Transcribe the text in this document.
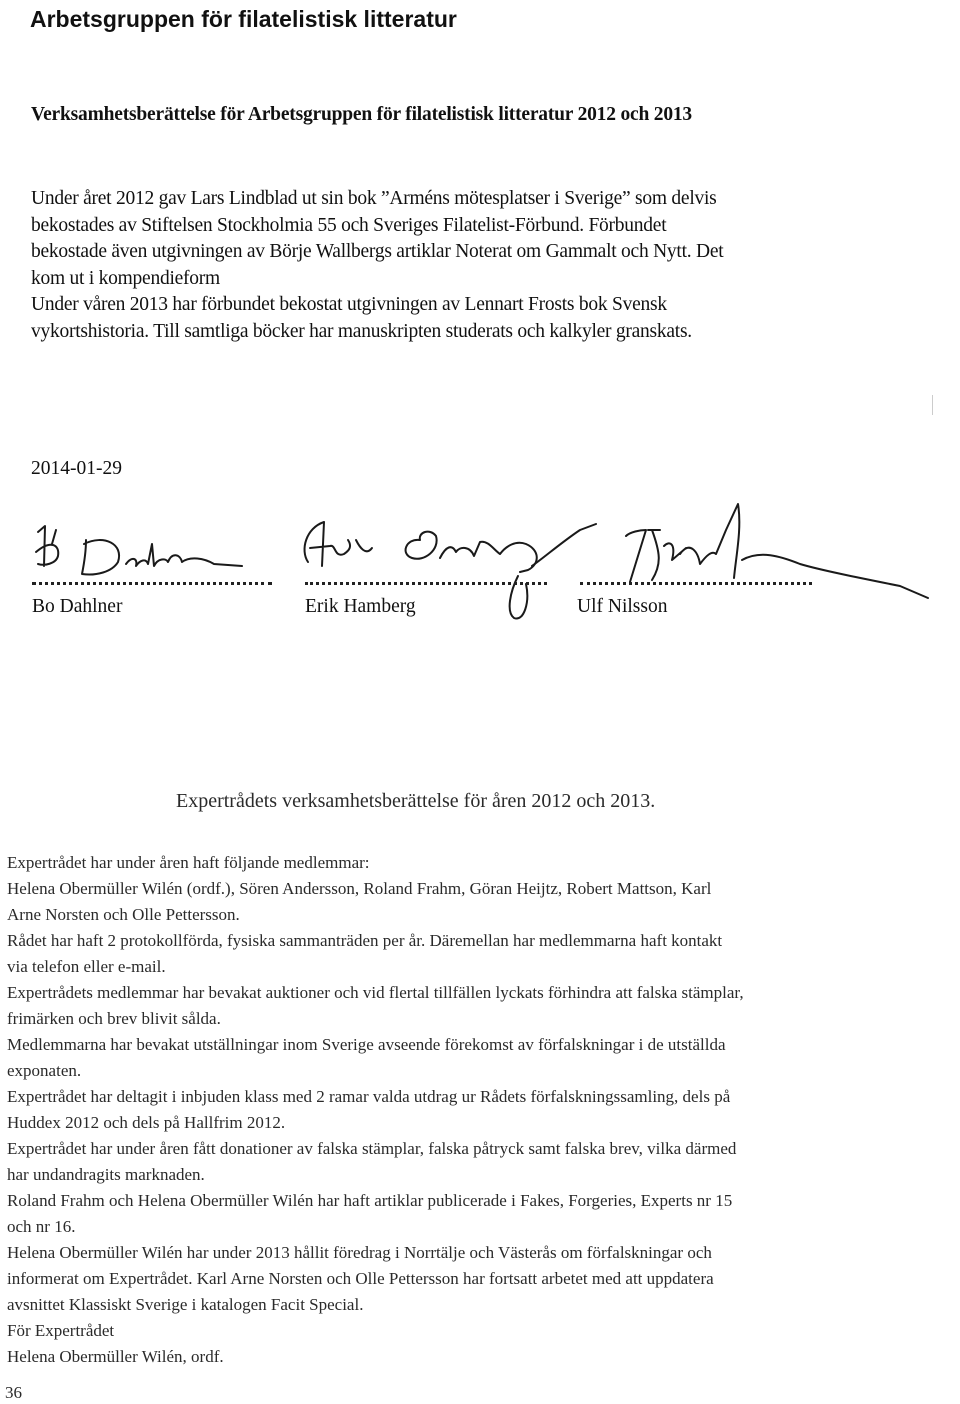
Arbetsgruppen för filatelistisk litteratur
Verksamhetsberättelse för Arbetsgruppen för filatelistisk litteratur 2012 och 2013
Under året 2012 gav Lars Lindblad ut sin bok ”Arméns mötesplatser i Sverige” som delvis
bekostades av Stiftelsen Stockholmia 55 och Sveriges Filatelist-Förbund. Förbundet
bekostade även utgivningen av Börje Wallbergs artiklar Noterat om Gammalt och Nytt. Det
kom ut i kompendieform
Under våren 2013 har förbundet bekostat utgivningen av Lennart Frosts bok Svensk
vykortshistoria. Till samtliga böcker har manuskripten studerats och kalkyler granskats.
2014-01-29
Bo Dahlner	Erik Hamberg	Ulf Nilsson
Expertrådets verksamhetsberättelse för åren 2012 och 2013.
Expertrådet har under åren haft följande medlemmar:
Helena Obermüller Wilén (ordf.), Sören Andersson, Roland Frahm, Göran Heijtz, Robert Mattson, Karl
Arne Norsten och Olle Pettersson.
Rådet har haft 2 protokollförda, fysiska sammanträden per år. Däremellan har medlemmarna haft kontakt
via telefon eller e-mail.
Expertrådets medlemmar har bevakat auktioner och vid flertal tillfällen lyckats förhindra att falska stämplar,
frimärken och brev blivit sålda.
Medlemmarna har bevakat utställningar inom Sverige avseende förekomst av förfalskningar i de utställda
exponaten.
Expertrådet har deltagit i inbjuden klass med 2 ramar valda utdrag ur Rådets förfalskningssamling, dels på
Huddex 2012 och dels på Hallfrim 2012.
Expertrådet har under åren fått donationer av falska stämplar, falska påtryck samt falska brev, vilka därmed
har undandragits marknaden.
Roland Frahm och Helena Obermüller Wilén har haft artiklar publicerade i Fakes, Forgeries, Experts nr 15
och nr 16.
Helena Obermüller Wilén har under 2013 hållit föredrag i Norrtälje och Västerås om förfalskningar och
informerat om Expertrådet. Karl Arne Norsten och Olle Pettersson har fortsatt arbetet med att uppdatera
avsnittet Klassiskt Sverige i katalogen Facit Special.
För Expertrådet
Helena Obermüller Wilén, ordf.
36
